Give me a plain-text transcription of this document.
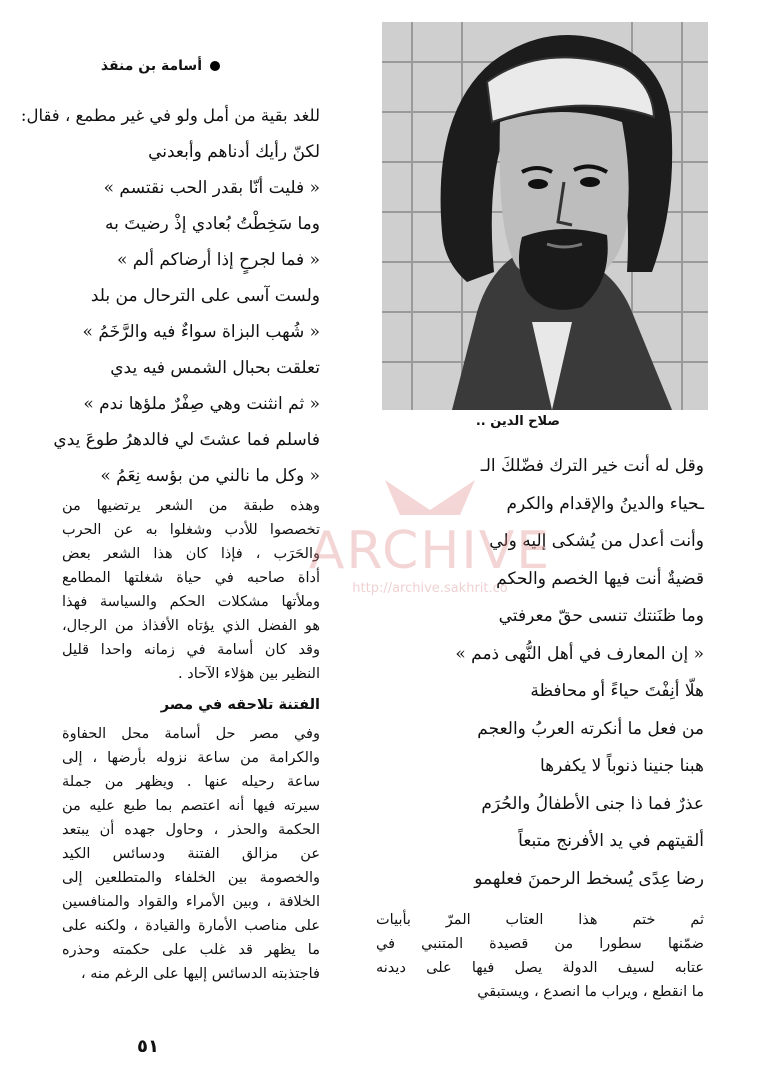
أسامة بن منقذ
صلاح الدين ..
للغد بقية من أمل ولو في غير مطمع ، فقال:
لكنّ رأيك أدناهم وأبعدني
« فليت أنّا بقدر الحب نقتسم »
وما سَخِطْتُ بُعادي إذْ رضيتَ به
« فما لجرحٍ إذا أرضاكم ألم »
ولست آسى على الترحال من بلد
« شُهب البزاة سواءٌ فيه والرَّخَمُ »
تعلقت بحبال الشمس فيه يدي
« ثم انثنت وهي صِفْرٌ ملؤها ندم »
فاسلم فما عشتَ لي فالدهرُ طوعَ يدي
« وكل ما نالني من بؤسه نِعَمُ »
وهذه طبقة من الشعر يرتضيها من
تخصصوا للأدب وشغلوا به عن الحرب
والحَرَب ، فإذا كان هذا الشعر بعض
أداة صاحبه في حياة شغلتها المطامع
وملأتها مشكلات الحكم والسياسة فهذا
هو الفضل الذي يؤتاه الأفذاذ من الرجال،
وقد كان أسامة في زمانه واحدا قليل
النظير بين هؤلاء الآحاد .
الفتنة تلاحقه في مصر
وفي مصر حل أسامة محل الحفاوة
والكرامة من ساعة نزوله بأرضها ، إلى
ساعة رحيله عنها . ويظهر من جملة
سيرته فيها أنه اعتصم بما طبع عليه من
الحكمة والحذر ، وحاول جهده أن يبتعد
عن مزالق الفتنة ودسائس الكيد
والخصومة بين الخلفاء والمتطلعين إلى
الخلافة ، وبين الأمراء والقواد والمنافسين
على مناصب الأمارة والقيادة ، ولكنه على
ما يظهر قد غلب على حكمته وحذره
فاجتذبته الدسائس إليها على الرغم منه ،
وقل له أنت خير الترك فضّلكَ الـ
ـحياء والدينُ والإقدام والكرم
وأنت أعدل من يُشكى إليه ولي
قضيةٌ أنت فيها الخصم والحكم
وما ظنَنتك تنسى حقّ معرفتي
« إن المعارف في أهل النُّهى ذمم »
هلّا أنِفْتَ حياءً أو محافظة
من فعل ما أنكرته العربُ والعجم
هبنا جنينا ذنوباً لا يكفرها
عذرٌ فما ذا جنى الأطفالُ والحُرَم
ألقيتهم في يد الأفرنج متبعاً
رضا عِدًى يُسخط الرحمنَ فعلهمو
ثم ختم هذا العتاب المرّ بأبيات
ضمّنها سطورا من قصيدة المتنبي في
عتابه لسيف الدولة يصل فيها على ديدنه
ما انقطع ، ويراب ما انصدع ، ويستبقي
ARCHIVE
http://archive.sakhrit.co
٥١
